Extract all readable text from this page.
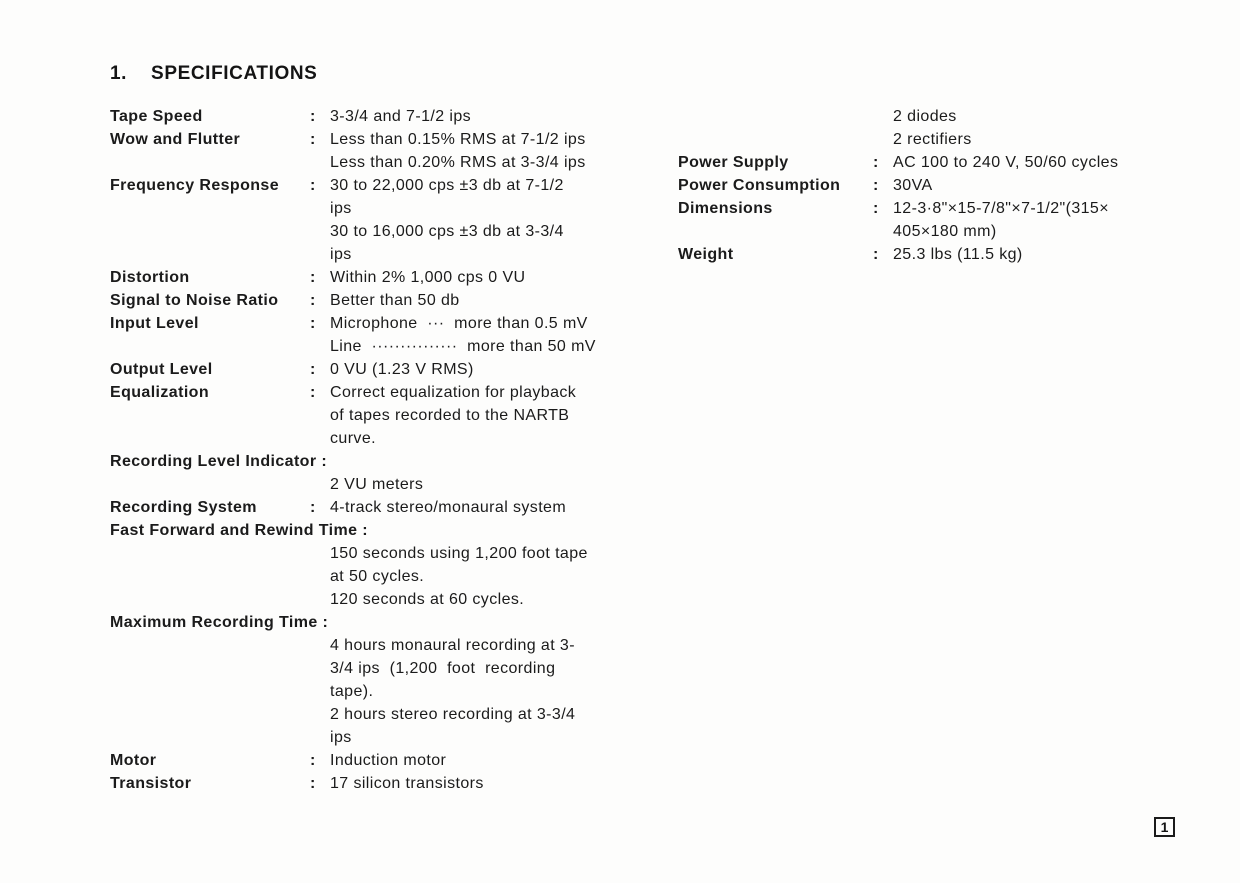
1. SPECIFICATIONS
Tape Speed	: 3-3/4 and 7-1/2 ips
Wow and Flutter	: Less than 0.15% RMS at 7-1/2 ips
Less than 0.20% RMS at 3-3/4 ips
Frequency Response	: 30 to 22,000 cps ±3 db at 7-1/2
ips
30 to 16,000 cps ±3 db at 3-3/4
ips
Distortion	: Within 2% 1,000 cps 0 VU
Signal to Noise Ratio	: Better than 50 db
Input Level	: Microphone  ···  more than 0.5 mV
Line  ···············  more than 50 mV
Output Level	: 0 VU (1.23 V RMS)
Equalization	: Correct equalization for playback
of tapes recorded to the NARTB
curve.
Recording Level Indicator :
2 VU meters
Recording System	: 4-track stereo/monaural system
Fast Forward and Rewind Time :
150 seconds using 1,200 foot tape
at 50 cycles.
120 seconds at 60 cycles.
Maximum Recording Time :
4 hours monaural recording at 3-
3/4 ips  (1,200  foot  recording
tape).
2 hours stereo recording at 3-3/4
ips
Motor	: Induction motor
Transistor	: 17 silicon transistors
2 diodes
2 rectifiers
Power Supply	: AC 100 to 240 V, 50/60 cycles
Power Consumption	: 30VA
Dimensions	: 12-3·8"×15-7/8"×7-1/2"(315×
405×180 mm)
Weight	: 25.3 lbs (11.5 kg)
1
